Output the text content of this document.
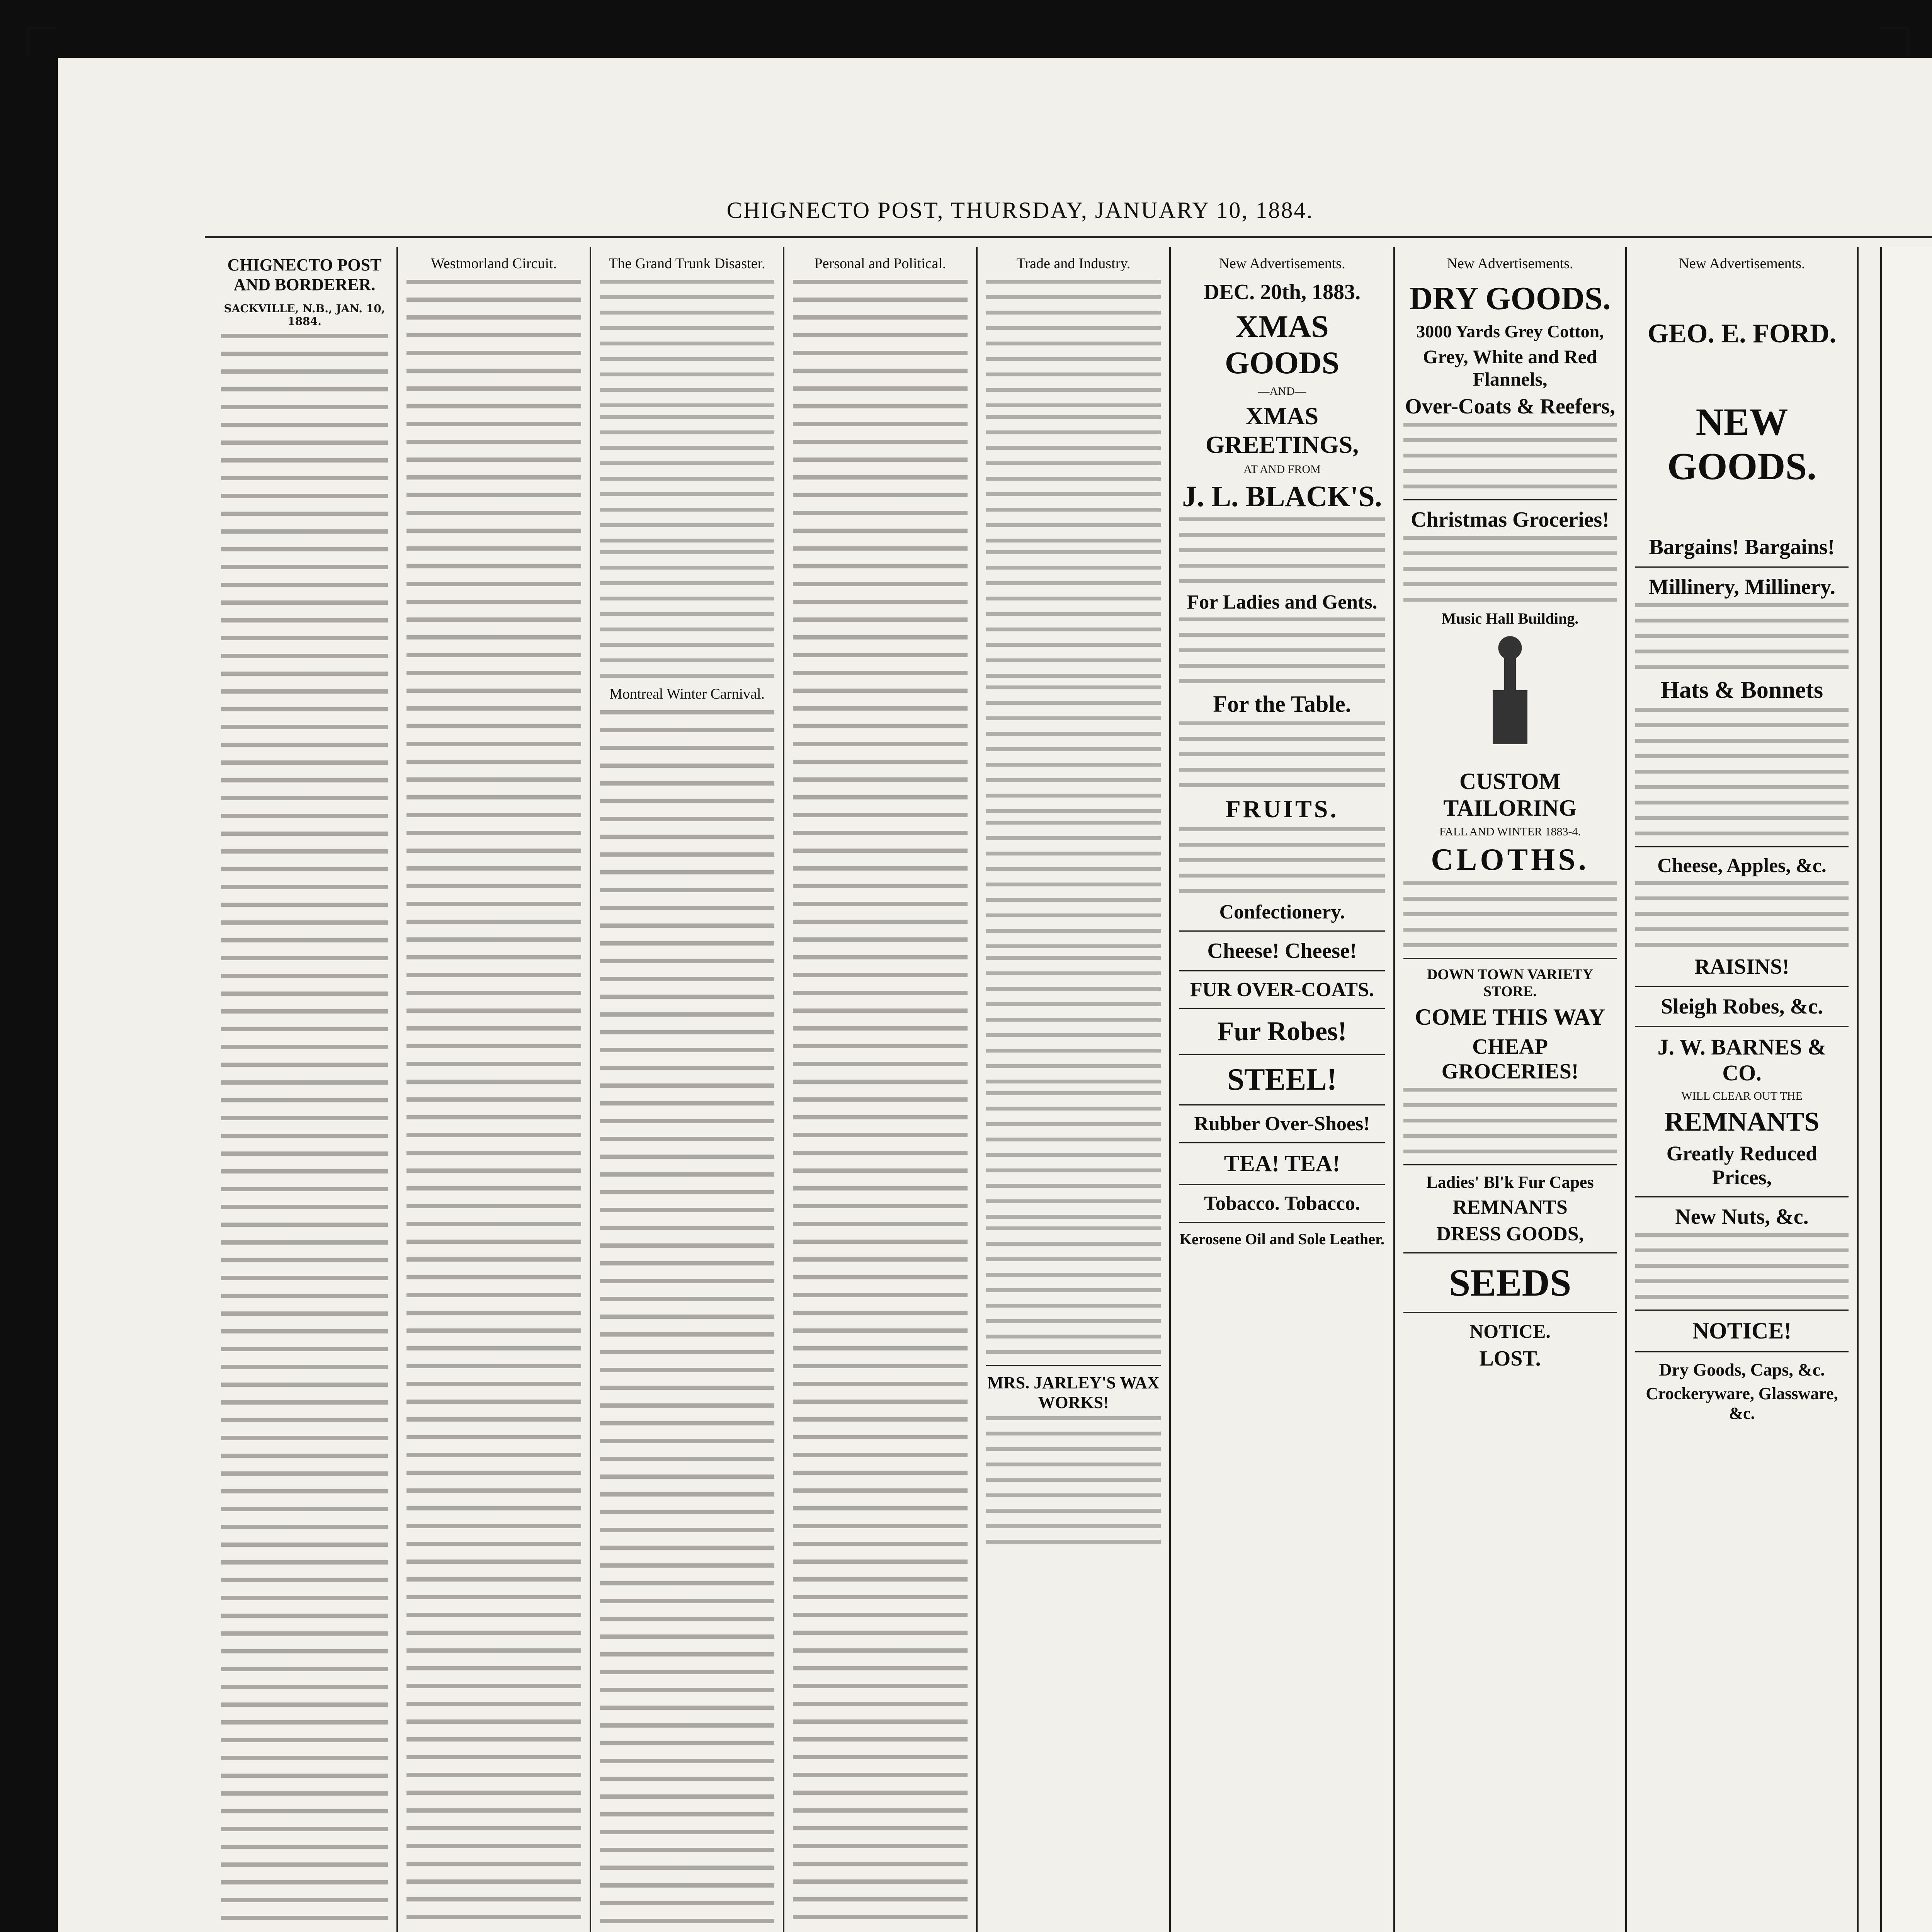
CHIGNECTO POST, THURSDAY, JANUARY 10, 1884.
CHIGNECTO POST AND BORDERER.
SACKVILLE, N.B., JAN. 10, 1884.
Westmorland Circuit.	The Grand Trunk Disaster.
Montreal Winter Carnival.
Personal and Political.	Trade and Industry.
MRS. JARLEY'S WAX WORKS!
New Advertisements.
DEC. 20th, 1883.
XMAS GOODS
—AND—
XMAS GREETINGS,
AT AND FROM
J. L. BLACK'S.
For Ladies and Gents.
For the Table.
FRUITS.
Confectionery.
Cheese! Cheese!
FUR OVER-COATS.
Fur Robes!
STEEL!
Rubber Over-Shoes!
TEA! TEA!
Tobacco. Tobacco.
Kerosene Oil and Sole Leather.
New Advertisements.
DRY GOODS.
3000 Yards Grey Cotton,
Grey, White and Red Flannels,
Over-Coats & Reefers,
Christmas Groceries!
Music Hall Building.
CUSTOM TAILORING
FALL AND WINTER 1883-4.
CLOTHS.
DOWN TOWN VARIETY STORE.
COME THIS WAY
CHEAP GROCERIES!
Ladies' Bl'k Fur Capes
REMNANTS
DRESS GOODS,
SEEDS
NOTICE.
LOST.
New Advertisements.
GEO. E. FORD.
NEW GOODS.
Bargains! Bargains!
Millinery, Millinery.
Hats & Bonnets
Cheese, Apples, &c.
RAISINS!
Sleigh Robes, &c.
J. W. BARNES & CO.
WILL CLEAR OUT THE
REMNANTS
Greatly Reduced Prices,
New Nuts, &c.
NOTICE!
Dry Goods, Caps, &c.
Crockeryware, Glassware, &c.
